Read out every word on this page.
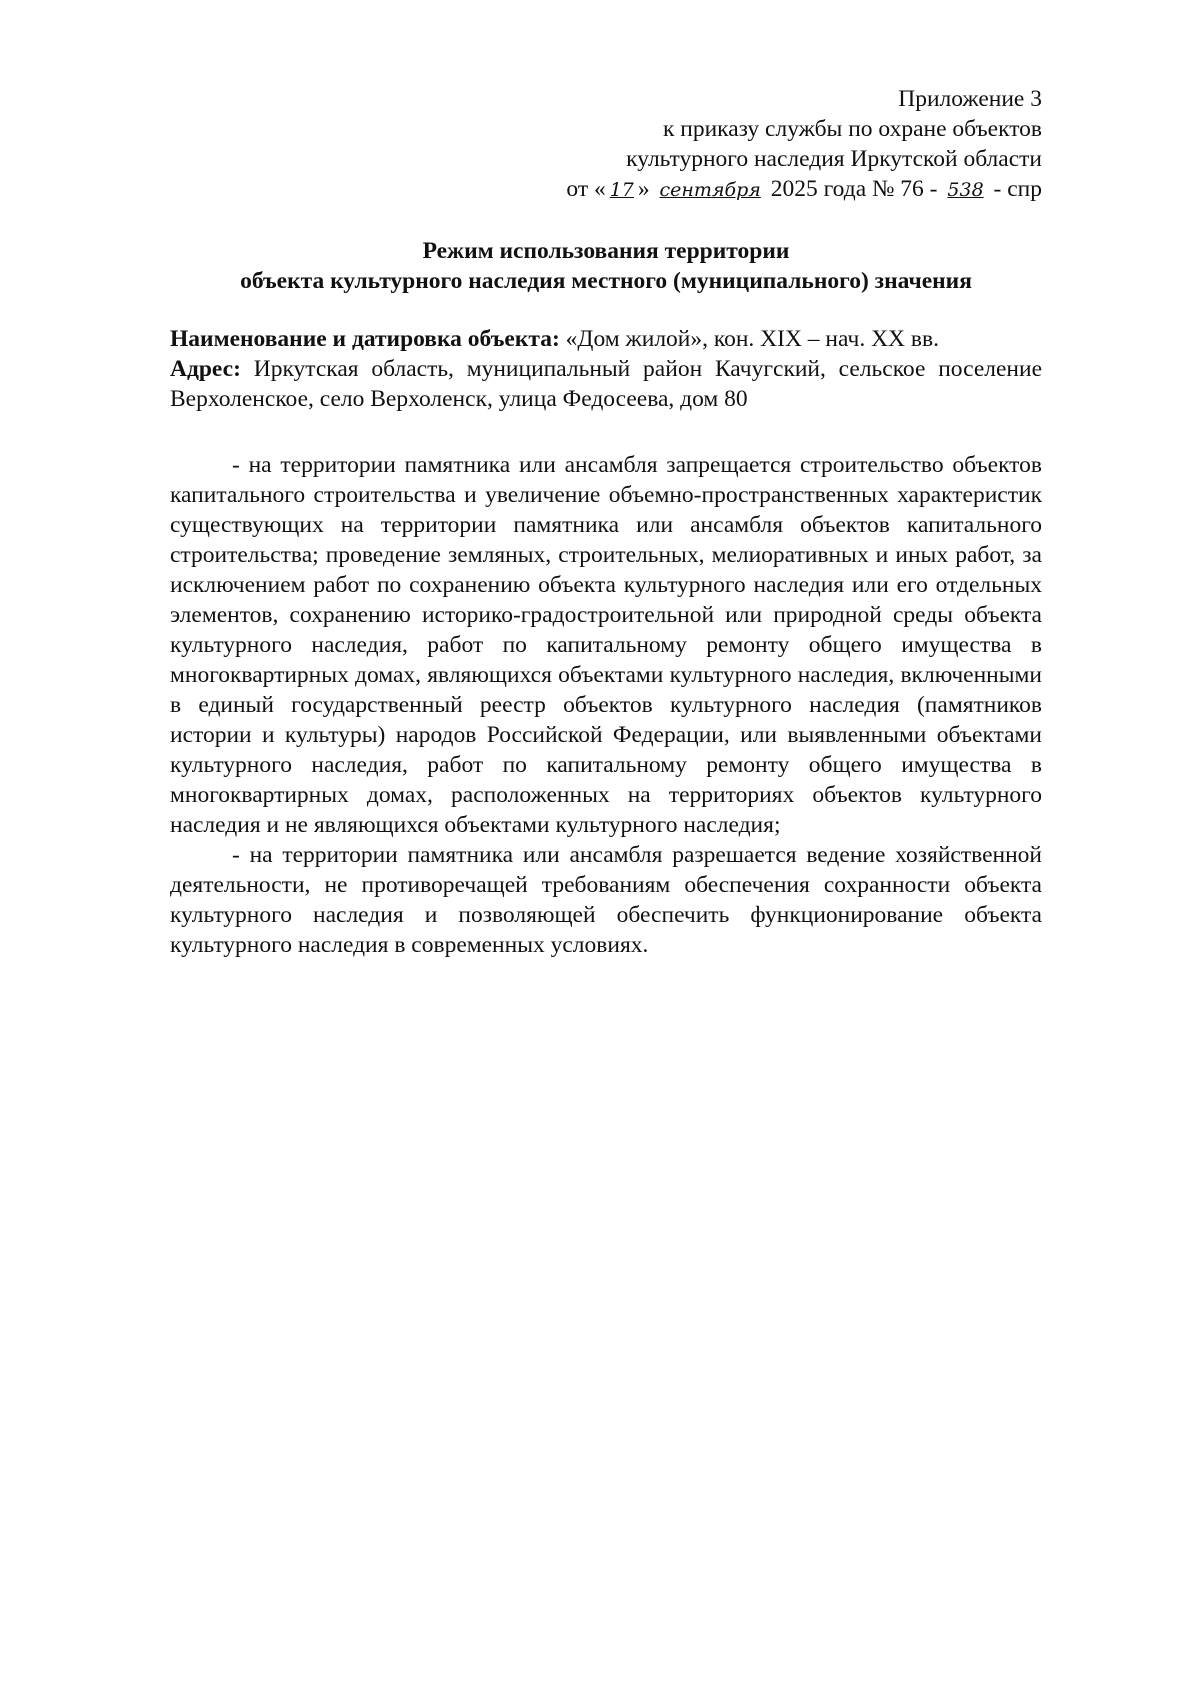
Приложение 3
к приказу службы по охране объектов
культурного наследия Иркутской области
от « 17 » сентября 2025 года № 76 - 538 - спр
Режим использования территории
объекта культурного наследия местного (муниципального) значения
Наименование и датировка объекта: «Дом жилой», кон. XIX – нач. XX вв.
Адрес: Иркутская область, муниципальный район Качугский, сельское поселение Верхоленское, село Верхоленск, улица Федосеева, дом 80

- на территории памятника или ансамбля запрещается строительство объектов капитального строительства и увеличение объемно-пространственных характеристик существующих на территории памятника или ансамбля объектов капитального строительства; проведение земляных, строительных, мелиоративных и иных работ, за исключением работ по сохранению объекта культурного наследия или его отдельных элементов, сохранению историко-градостроительной или природной среды объекта культурного наследия, работ по капитальному ремонту общего имущества в многоквартирных домах, являющихся объектами культурного наследия, включенными в единый государственный реестр объектов культурного наследия (памятников истории и культуры) народов Российской Федерации, или выявленными объектами культурного наследия, работ по капитальному ремонту общего имущества в многоквартирных домах, расположенных на территориях объектов культурного наследия и не являющихся объектами культурного наследия;

- на территории памятника или ансамбля разрешается ведение хозяйственной деятельности, не противоречащей требованиям обеспечения сохранности объекта культурного наследия и позволяющей обеспечить функционирование объекта культурного наследия в современных условиях.
